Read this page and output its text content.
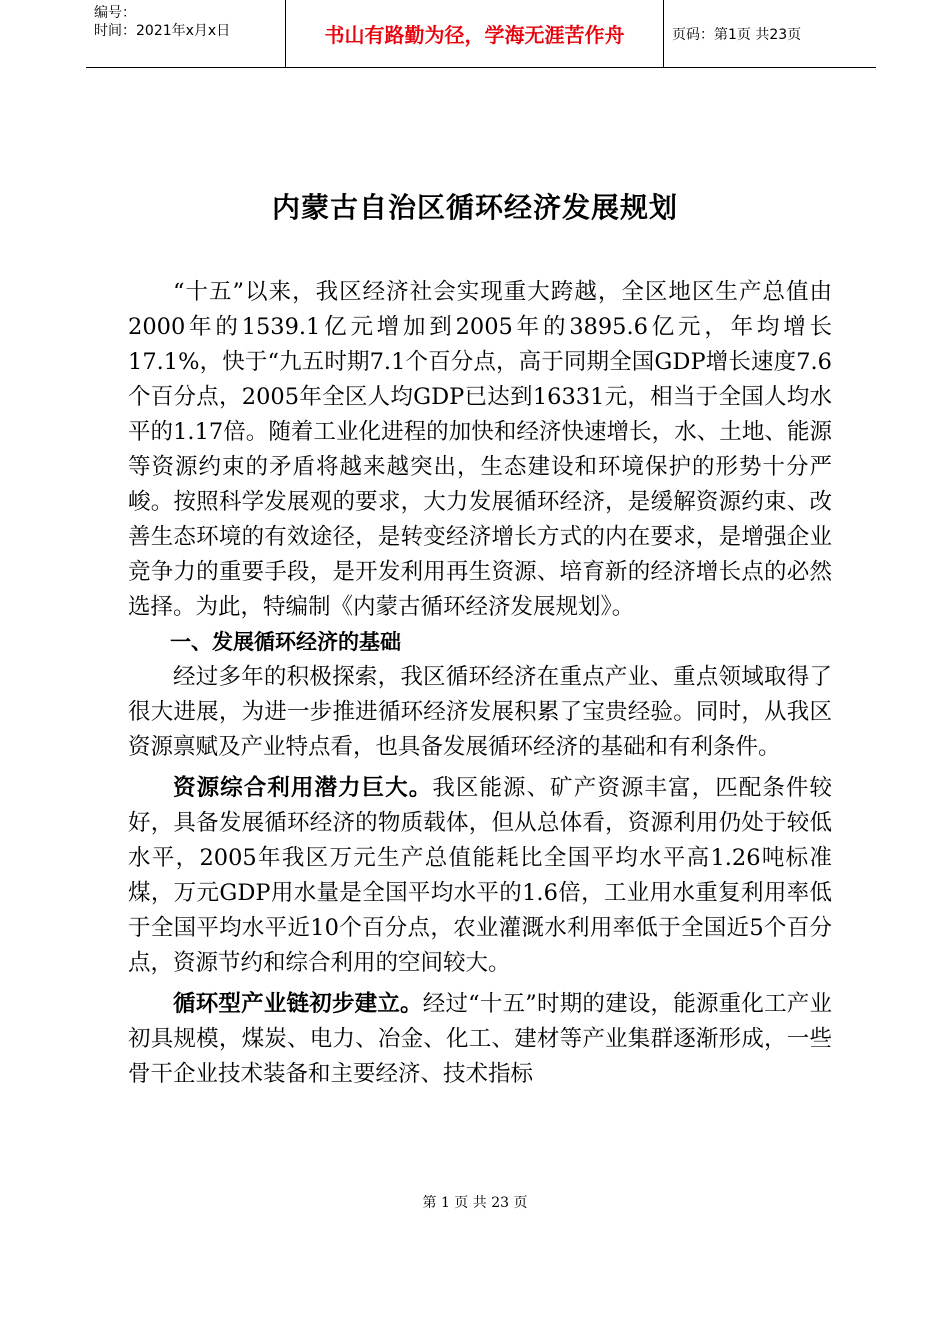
编号：
时间：2021年x月x日	书山有路勤为径，学海无涯苦作舟	页码：第1页 共23页
内蒙古自治区循环经济发展规划

“十五”以来，我区经济社会实现重大跨越，全区地区生产总值由2000年的1539.1亿元增加到2005年的3895.6亿元，年均增长17.1%，快于“九五时期7.1个百分点，高于同期全国GDP增长速度7.6个百分点，2005年全区人均GDP已达到16331元，相当于全国人均水平的1.17倍。随着工业化进程的加快和经济快速增长，水、土地、能源等资源约束的矛盾将越来越突出，生态建设和环境保护的形势十分严峻。按照科学发展观的要求，大力发展循环经济，是缓解资源约束、改善生态环境的有效途径，是转变经济增长方式的内在要求，是增强企业竞争力的重要手段，是开发利用再生资源、培育新的经济增长点的必然选择。为此，特编制《内蒙古循环经济发展规划》。

一、发展循环经济的基础

经过多年的积极探索，我区循环经济在重点产业、重点领域取得了很大进展，为进一步推进循环经济发展积累了宝贵经验。同时，从我区资源禀赋及产业特点看，也具备发展循环经济的基础和有利条件。

资源综合利用潜力巨大。我区能源、矿产资源丰富，匹配条件较好，具备发展循环经济的物质载体，但从总体看，资源利用仍处于较低水平，2005年我区万元生产总值能耗比全国平均水平高1.26吨标准煤，万元GDP用水量是全国平均水平的1.6倍，工业用水重复利用率低于全国平均水平近10个百分点，农业灌溉水利用率低于全国近5个百分点，资源节约和综合利用的空间较大。

循环型产业链初步建立。经过“十五”时期的建设，能源重化工产业初具规模，煤炭、电力、冶金、化工、建材等产业集群逐渐形成，一些骨干企业技术装备和主要经济、技术指标

第 1 页 共 23 页
